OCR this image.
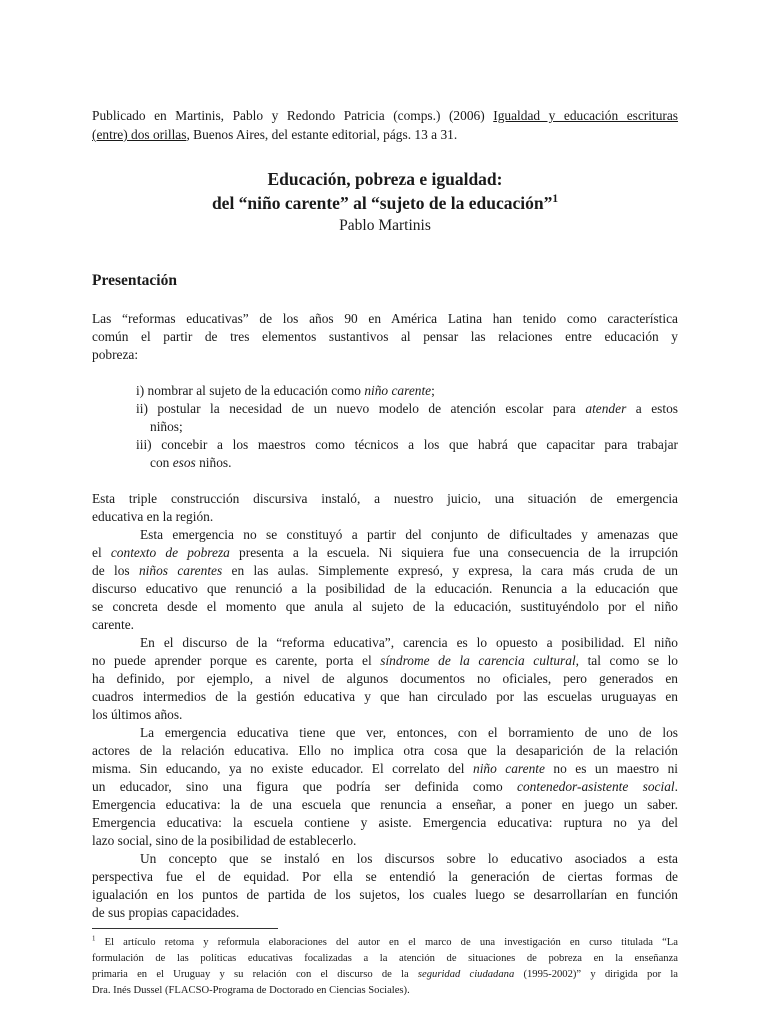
Publicado en Martinis, Pablo y Redondo Patricia (comps.) (2006) Igualdad y educación escrituras
(entre) dos orillas, Buenos Aires, del estante editorial, págs. 13 a 31.
Educación, pobreza e igualdad:
del “niño carente” al “sujeto de la educación”$^1$
Pablo Martinis
Presentación
Las “reformas educativas” de los años 90 en América Latina han tenido como característica
común el partir de tres elementos sustantivos al pensar las relaciones entre educación y
pobreza:
i) nombrar al sujeto de la educación como niño carente;
ii) postular la necesidad de un nuevo modelo de atención escolar para atender a estos
niños;
iii) concebir a los maestros como técnicos a los que habrá que capacitar para trabajar
con esos niños.
Esta triple construcción discursiva instaló, a nuestro juicio, una situación de emergencia
educativa en la región.
Esta emergencia no se constituyó a partir del conjunto de dificultades y amenazas que
el contexto de pobreza presenta a la escuela. Ni siquiera fue una consecuencia de la irrupción
de los niños carentes en las aulas. Simplemente expresó, y expresa, la cara más cruda de un
discurso educativo que renunció a la posibilidad de la educación. Renuncia a la educación que
se concreta desde el momento que anula al sujeto de la educación, sustituyéndolo por el niño
carente.
En el discurso de la “reforma educativa”, carencia es lo opuesto a posibilidad. El niño
no puede aprender porque es carente, porta el síndrome de la carencia cultural, tal como se lo
ha definido, por ejemplo, a nivel de algunos documentos no oficiales, pero generados en
cuadros intermedios de la gestión educativa y que han circulado por las escuelas uruguayas en
los últimos años.
La emergencia educativa tiene que ver, entonces, con el borramiento de uno de los
actores de la relación educativa. Ello no implica otra cosa que la desaparición de la relación
misma. Sin educando, ya no existe educador. El correlato del niño carente no es un maestro ni
un educador, sino una figura que podría ser definida como contenedor-asistente social.
Emergencia educativa: la de una escuela que renuncia a enseñar, a poner en juego un saber.
Emergencia educativa: la escuela contiene y asiste. Emergencia educativa: ruptura no ya del
lazo social, sino de la posibilidad de establecerlo.
Un concepto que se instaló en los discursos sobre lo educativo asociados a esta
perspectiva fue el de equidad. Por ella se entendió la generación de ciertas formas de
igualación en los puntos de partida de los sujetos, los cuales luego se desarrollarían en función
de sus propias capacidades.
$^1$ El artículo retoma y reformula elaboraciones del autor en el marco de una investigación en curso titulada “La
formulación de las políticas educativas focalizadas a la atención de situaciones de pobreza en la enseñanza
primaria en el Uruguay y su relación con el discurso de la seguridad ciudadana (1995-2002)” y dirigida por la
Dra. Inés Dussel (FLACSO-Programa de Doctorado en Ciencias Sociales).
